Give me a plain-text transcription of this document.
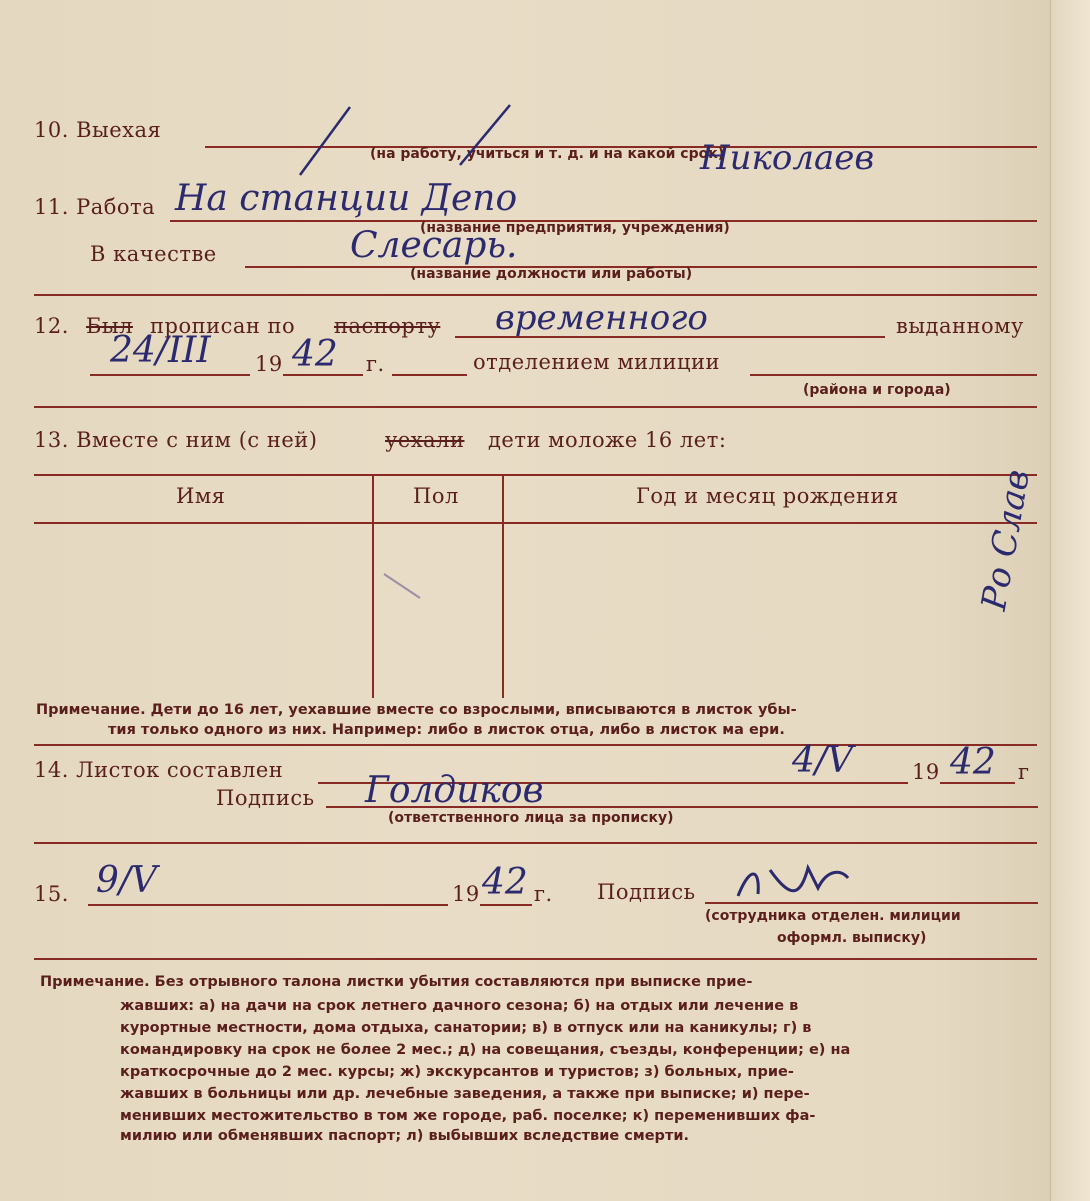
10. Выехая
(на работу, учиться и т. д. и на какой срок)
Николаев
11. Работа
(название предприятия, учреждения)
На станции Депо
В качестве
(название должности или работы)
Слесарь.
12. Был прописан по паспорту	выданному
временного
24/III 19 42 г.	отделением милиции
(района и города)
13. Вместе с ним (с ней)	уехали дети моложе 16 лет:
Имя	Пол	Год и месяц рождения
Примечание. Дети до 16 лет, уехавшие вместе со взрослыми, вписываются в листок убы-
тия только одного из них. Например: либо в листок отца, либо в листок ма ери.
14. Листок составлен	4/V	19 42 г
Подпись Голдиков
(ответственного лица за прописку)
15. 9/V	19 42 г. Подпись
(сотрудника отделен. милиции
оформл. выписку)
Примечание. Без отрывного талона листки убытия составляются при выписке прие-
жавших: а) на дачи на срок летнего дачного сезона; б) на отдых или лечение в
курортные местности, дома отдыха, санатории; в) в отпуск или на каникулы; г) в
командировку на срок не более 2 мес.; д) на совещания, съезды, конференции; е) на
краткосрочные до 2 мес. курсы; ж) экскурсантов и туристов; з) больных, прие-
жавших в больницы или др. лечебные заведения, а также при выписке; и) пере-
менивших местожительство в том же городе, раб. поселке; к) переменивших фа-
милию или обменявших паспорт; л) выбывших вследствие смерти.
Ро Слав
